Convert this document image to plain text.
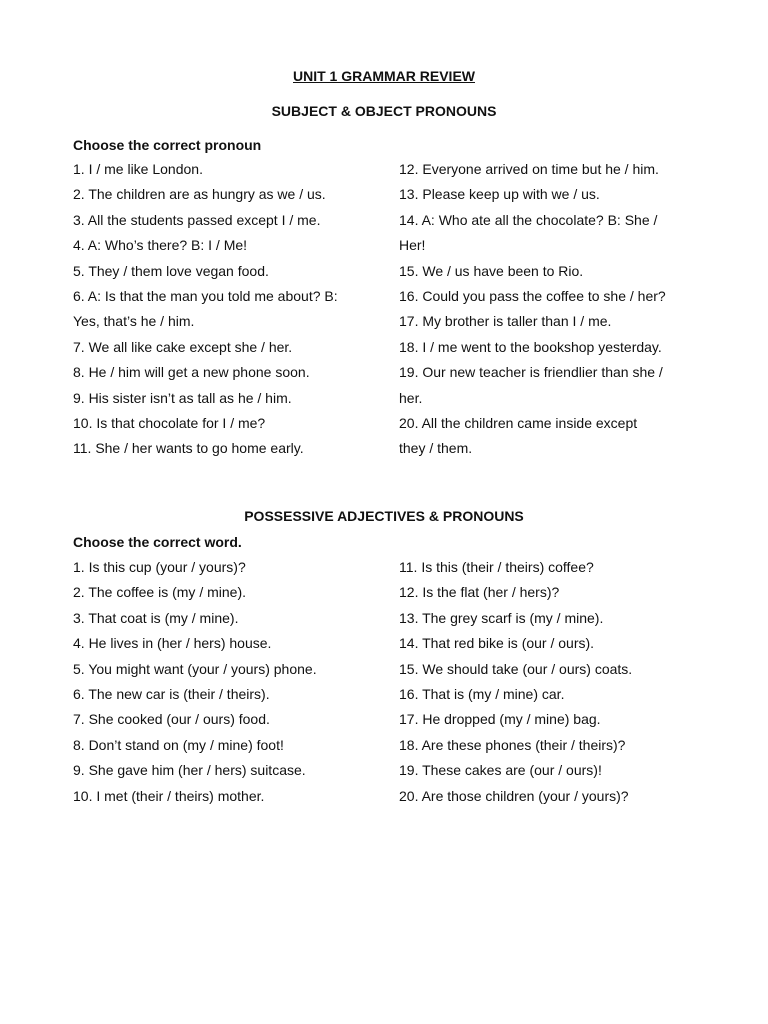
UNIT 1 GRAMMAR REVIEW
SUBJECT & OBJECT PRONOUNS
Choose the correct pronoun
1. I / me like London.
2. The children are as hungry as we / us.
3. All the students passed except I / me.
4. A: Who’s there? B: I / Me!
5. They / them love vegan food.
6. A: Is that the man you told me about? B:
Yes, that’s he / him.
7. We all like cake except she / her.
8. He / him will get a new phone soon.
9. His sister isn’t as tall as he / him.
10. Is that chocolate for I / me?
11. She / her wants to go home early.
12. Everyone arrived on time but he / him.
13. Please keep up with we / us.
14. A: Who ate all the chocolate? B: She /
Her!
15. We / us have been to Rio.
16. Could you pass the coffee to she / her?
17. My brother is taller than I / me.
18. I / me went to the bookshop yesterday.
19. Our new teacher is friendlier than she /
her.
20. All the children came inside except
they / them.
POSSESSIVE ADJECTIVES & PRONOUNS
Choose the correct word.
1. Is this cup (your / yours)?
2. The coffee is (my / mine).
3. That coat is (my / mine).
4. He lives in (her / hers) house.
5. You might want (your / yours) phone.
6. The new car is (their / theirs).
7. She cooked (our / ours) food.
8. Don’t stand on (my / mine) foot!
9. She gave him (her / hers) suitcase.
10. I met (their / theirs) mother.
11. Is this (their / theirs) coffee?
12. Is the flat (her / hers)?
13. The grey scarf is (my / mine).
14. That red bike is (our / ours).
15. We should take (our / ours) coats.
16. That is (my / mine) car.
17. He dropped (my / mine) bag.
18. Are these phones (their / theirs)?
19. These cakes are (our / ours)!
20. Are those children (your / yours)?
